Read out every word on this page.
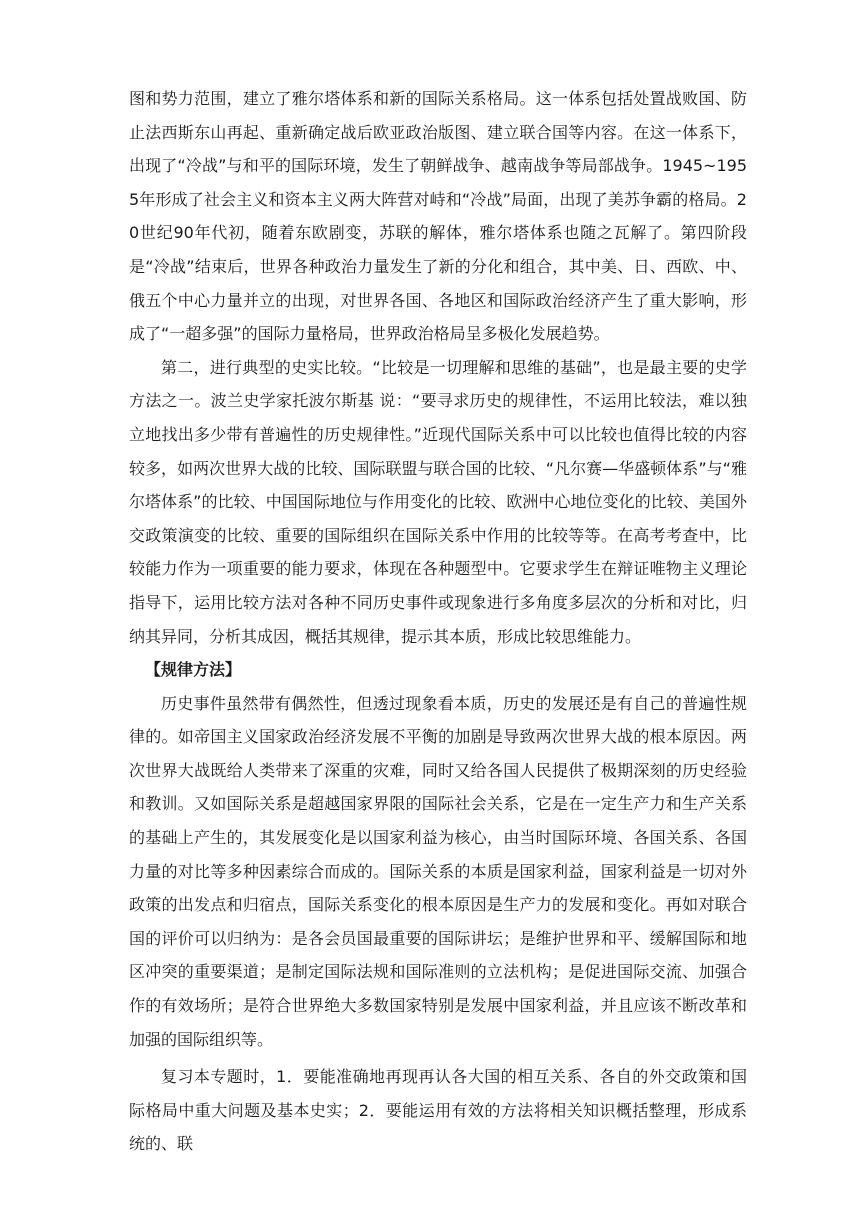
图和势力范围，建立了雅尔塔体系和新的国际关系格局。这一体系包括处置战败国、防止法西斯东山再起、重新确定战后欧亚政治版图、建立联合国等内容。在这一体系下，出现了“冷战”与和平的国际环境，发生了朝鲜战争、越南战争等局部战争。1945~1955年形成了社会主义和资本主义两大阵营对峙和“冷战”局面，出现了美苏争霸的格局。20世纪90年代初，随着东欧剧变，苏联的解体，雅尔塔体系也随之瓦解了。第四阶段是“冷战”结束后，世界各种政治力量发生了新的分化和组合，其中美、日、西欧、中、俄五个中心力量并立的出现，对世界各国、各地区和国际政治经济产生了重大影响，形成了“一超多强”的国际力量格局，世界政治格局呈多极化发展趋势。

第二，进行典型的史实比较。“比较是一切理解和思维的基础”，也是最主要的史学方法之一。波兰史学家托波尔斯基 说：“要寻求历史的规律性，不运用比较法，难以独立地找出多少带有普遍性的历史规律性。”近现代国际关系中可以比较也值得比较的内容较多，如两次世界大战的比较、国际联盟与联合国的比较、“凡尔赛—华盛顿体系”与“雅尔塔体系”的比较、中国国际地位与作用变化的比较、欧洲中心地位变化的比较、美国外交政策演变的比较、重要的国际组织在国际关系中作用的比较等等。在高考考查中，比较能力作为一项重要的能力要求，体现在各种题型中。它要求学生在辩证唯物主义理论指导下，运用比较方法对各种不同历史事件或现象进行多角度多层次的分析和对比，归纳其异同，分析其成因，概括其规律，提示其本质，形成比较思维能力。

【规律方法】

历史事件虽然带有偶然性，但透过现象看本质，历史的发展还是有自己的普遍性规律的。如帝国主义国家政治经济发展不平衡的加剧是导致两次世界大战的根本原因。两次世界大战既给人类带来了深重的灾难，同时又给各国人民提供了极期深刻的历史经验和教训。又如国际关系是超越国家界限的国际社会关系，它是在一定生产力和生产关系的基础上产生的，其发展变化是以国家利益为核心，由当时国际环境、各国关系、各国力量的对比等多种因素综合而成的。国际关系的本质是国家利益，国家利益是一切对外政策的出发点和归宿点，国际关系变化的根本原因是生产力的发展和变化。再如对联合国的评价可以归纳为：是各会员国最重要的国际讲坛；是维护世界和平、缓解国际和地区冲突的重要渠道；是制定国际法规和国际准则的立法机构；是促进国际交流、加强合作的有效场所；是符合世界绝大多数国家特别是发展中国家利益，并且应该不断改革和加强的国际组织等。

复习本专题时，1．要能准确地再现再认各大国的相互关系、各自的外交政策和国际格局中重大问题及基本史实；2．要能运用有效的方法将相关知识概括整理，形成系统的、联
